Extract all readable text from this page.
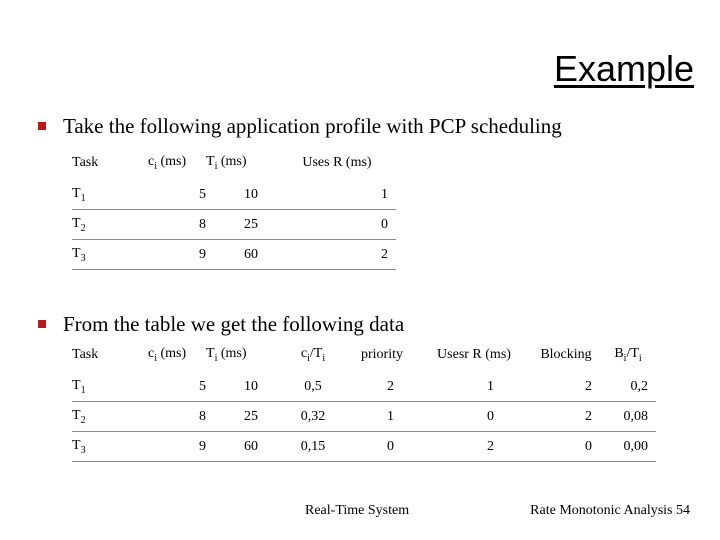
Example
Take the following application profile with PCP scheduling
Task	$c_i$ (ms)	$T_i$ (ms)	Uses R (ms)
$T_1$	5	10	1
$T_2$	8	25	0
$T_3$	9	60	2
From the table we get the following data
Task	$c_i$ (ms)	$T_i$ (ms)	$c_i/T_i$	priority	Usesr R (ms)	Blocking	$B_i/T_i$
$T_1$	5	10	0,5	2	1	2	0,2
$T_2$	8	25	0,32	1	0	2	0,08
$T_3$	9	60	0,15	0	2	0	0,00
Real-Time System	Rate Monotonic Analysis 54
